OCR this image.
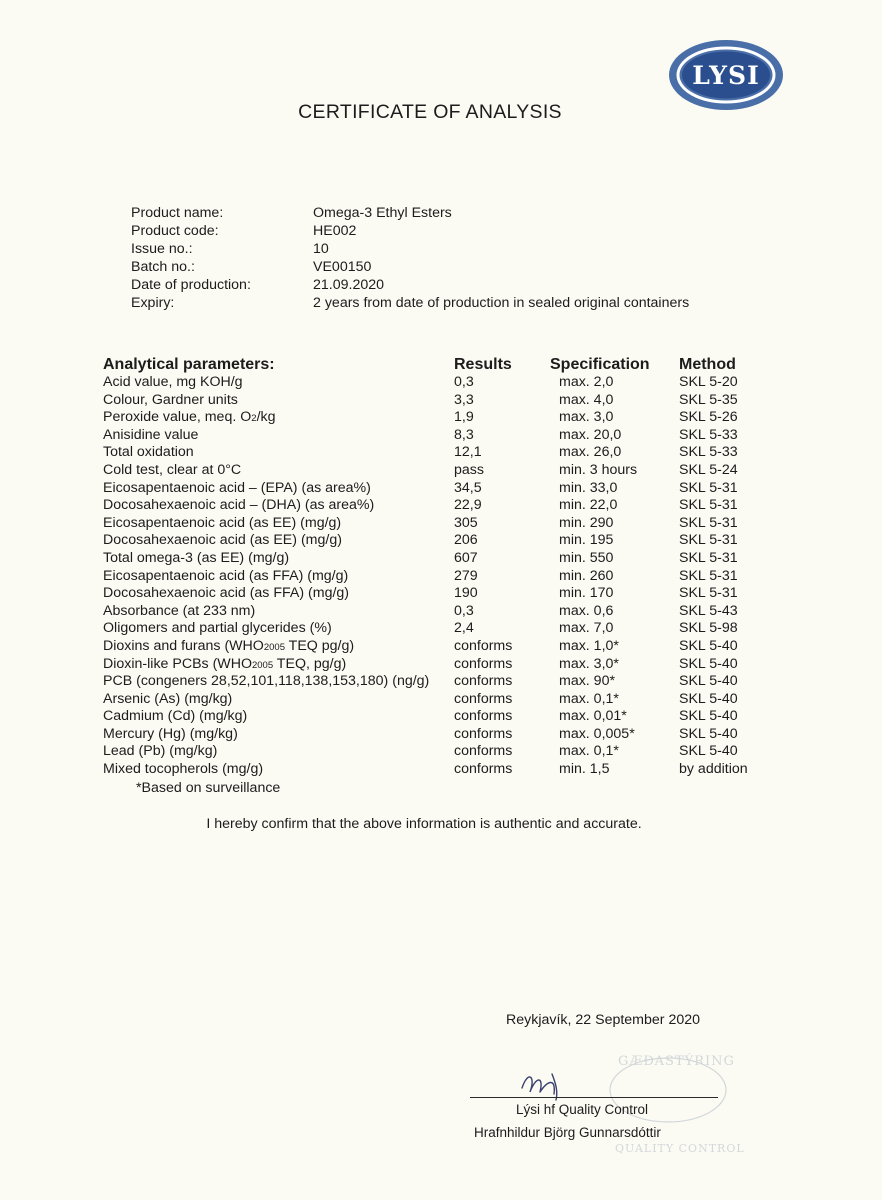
LYSI
CERTIFICATE OF ANALYSIS
Product name:	Omega-3 Ethyl Esters
Product code:	HE002
Issue no.:	10
Batch no.:	VE00150
Date of production:	21.09.2020
Expiry:	2 years from date of production in sealed original containers
Analytical parameters:	Results	Specification	Method
Acid value, mg KOH/g	0,3	max. 2,0	SKL 5-20
Colour, Gardner units	3,3	max. 4,0	SKL 5-35
Peroxide value, meq. O2/kg	1,9	max. 3,0	SKL 5-26
Anisidine value	8,3	max. 20,0	SKL 5-33
Total oxidation	12,1	max. 26,0	SKL 5-33
Cold test, clear at 0°C	pass	min. 3 hours	SKL 5-24
Eicosapentaenoic acid – (EPA) (as area%)	34,5	min. 33,0	SKL 5-31
Docosahexaenoic acid – (DHA) (as area%)	22,9	min. 22,0	SKL 5-31
Eicosapentaenoic acid (as EE) (mg/g)	305	min. 290	SKL 5-31
Docosahexaenoic acid (as EE) (mg/g)	206	min. 195	SKL 5-31
Total omega-3 (as EE) (mg/g)	607	min. 550	SKL 5-31
Eicosapentaenoic acid (as FFA) (mg/g)	279	min. 260	SKL 5-31
Docosahexaenoic acid (as FFA) (mg/g)	190	min. 170	SKL 5-31
Absorbance (at 233 nm)	0,3	max. 0,6	SKL 5-43
Oligomers and partial glycerides (%)	2,4	max. 7,0	SKL 5-98
Dioxins and furans (WHO2005 TEQ pg/g)	conforms	max. 1,0*	SKL 5-40
Dioxin-like PCBs (WHO2005 TEQ, pg/g)	conforms	max. 3,0*	SKL 5-40
PCB (congeners 28,52,101,118,138,153,180) (ng/g)	conforms	max. 90*	SKL 5-40
Arsenic (As) (mg/kg)	conforms	max. 0,1*	SKL 5-40
Cadmium (Cd) (mg/kg)	conforms	max. 0,01*	SKL 5-40
Mercury (Hg) (mg/kg)	conforms	max. 0,005*	SKL 5-40
Lead (Pb) (mg/kg)	conforms	max. 0,1*	SKL 5-40
Mixed tocopherols (mg/g)	conforms	min. 1,5	by addition
*Based on surveillance
I hereby confirm that the above information is authentic and accurate.
Reykjavík, 22 September 2020
GÆÐASTÝRING
QUALITY CONTROL
Lýsi hf Quality Control
Hrafnhildur Björg Gunnarsdóttir
